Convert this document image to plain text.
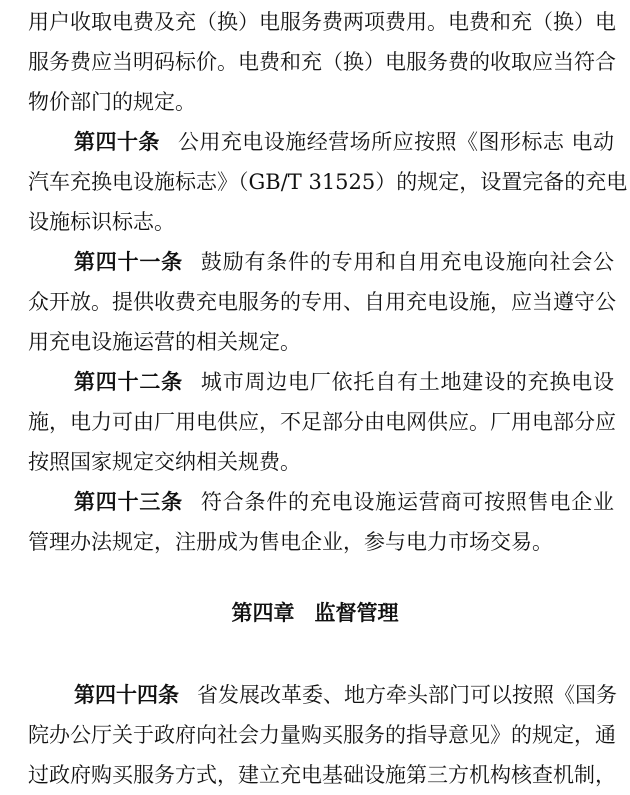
用户收取电费及充（换）电服务费两项费用。电费和充（换）电
服务费应当明码标价。电费和充（换）电服务费的收取应当符合
物价部门的规定。
第四十条 公用充电设施经营场所应按照《图形标志 电动
汽车充换电设施标志》（GB/T 31525）的规定，设置完备的充电
设施标识标志。
第四十一条 鼓励有条件的专用和自用充电设施向社会公
众开放。提供收费充电服务的专用、自用充电设施，应当遵守公
用充电设施运营的相关规定。
第四十二条 城市周边电厂依托自有土地建设的充换电设
施，电力可由厂用电供应，不足部分由电网供应。厂用电部分应
按照国家规定交纳相关规费。
第四十三条 符合条件的充电设施运营商可按照售电企业
管理办法规定，注册成为售电企业，参与电力市场交易。
第四章 监督管理
第四十四条 省发展改革委、地方牵头部门可以按照《国务
院办公厅关于政府向社会力量购买服务的指导意见》的规定，通
过政府购买服务方式，建立充电基础设施第三方机构核查机制，
